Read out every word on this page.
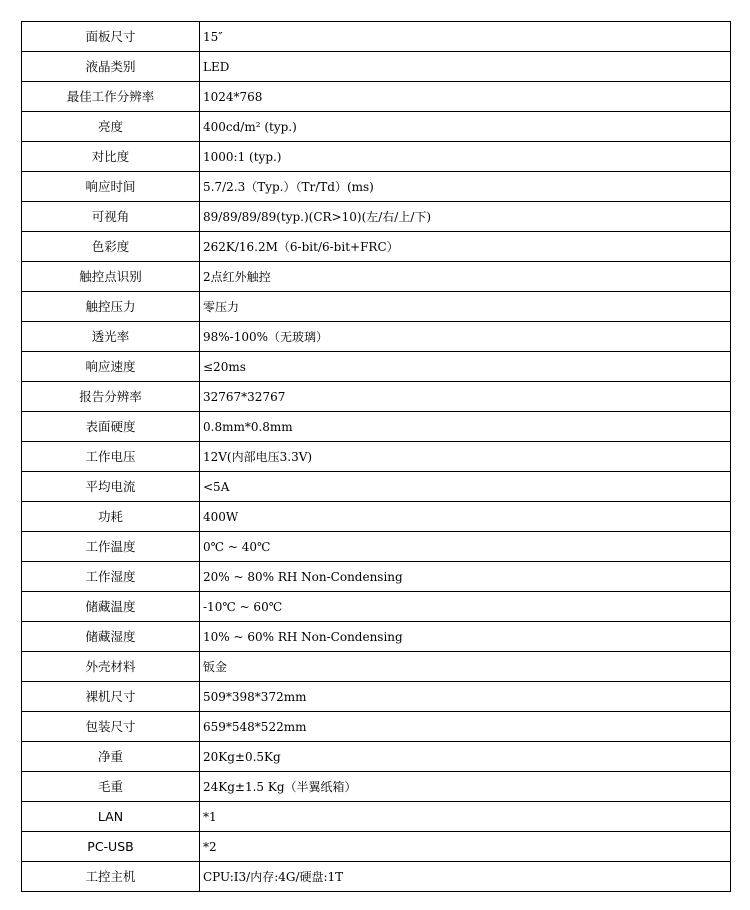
面板尺寸	15″
液晶类别	LED
最佳工作分辨率	1024*768
亮度	400cd/m² (typ.)
对比度	1000:1 (typ.)
响应时间	5.7/2.3（Typ.）（Tr/Td）(ms)
可视角	89/89/89/89(typ.)(CR>10)(左/右/上/下)
色彩度	262K/16.2M（6-bit/6-bit+FRC）
触控点识别	2点红外触控
触控压力	零压力
透光率	98%-100%（无玻璃）
响应速度	≤20ms
报告分辨率	32767*32767
表面硬度	0.8mm*0.8mm
工作电压	12V(内部电压3.3V)
平均电流	<5A
功耗	400W
工作温度	0℃ ~ 40℃
工作湿度	20% ~ 80% RH Non-Condensing
储藏温度	-10℃ ~ 60℃
储藏湿度	10% ~ 60% RH Non-Condensing
外壳材料	钣金
裸机尺寸	509*398*372mm
包装尺寸	659*548*522mm
净重	20Kg±0.5Kg
毛重	24Kg±1.5 Kg（半翼纸箱）
LAN	*1
PC-USB	*2
工控主机	CPU:I3/内存:4G/硬盘:1T
